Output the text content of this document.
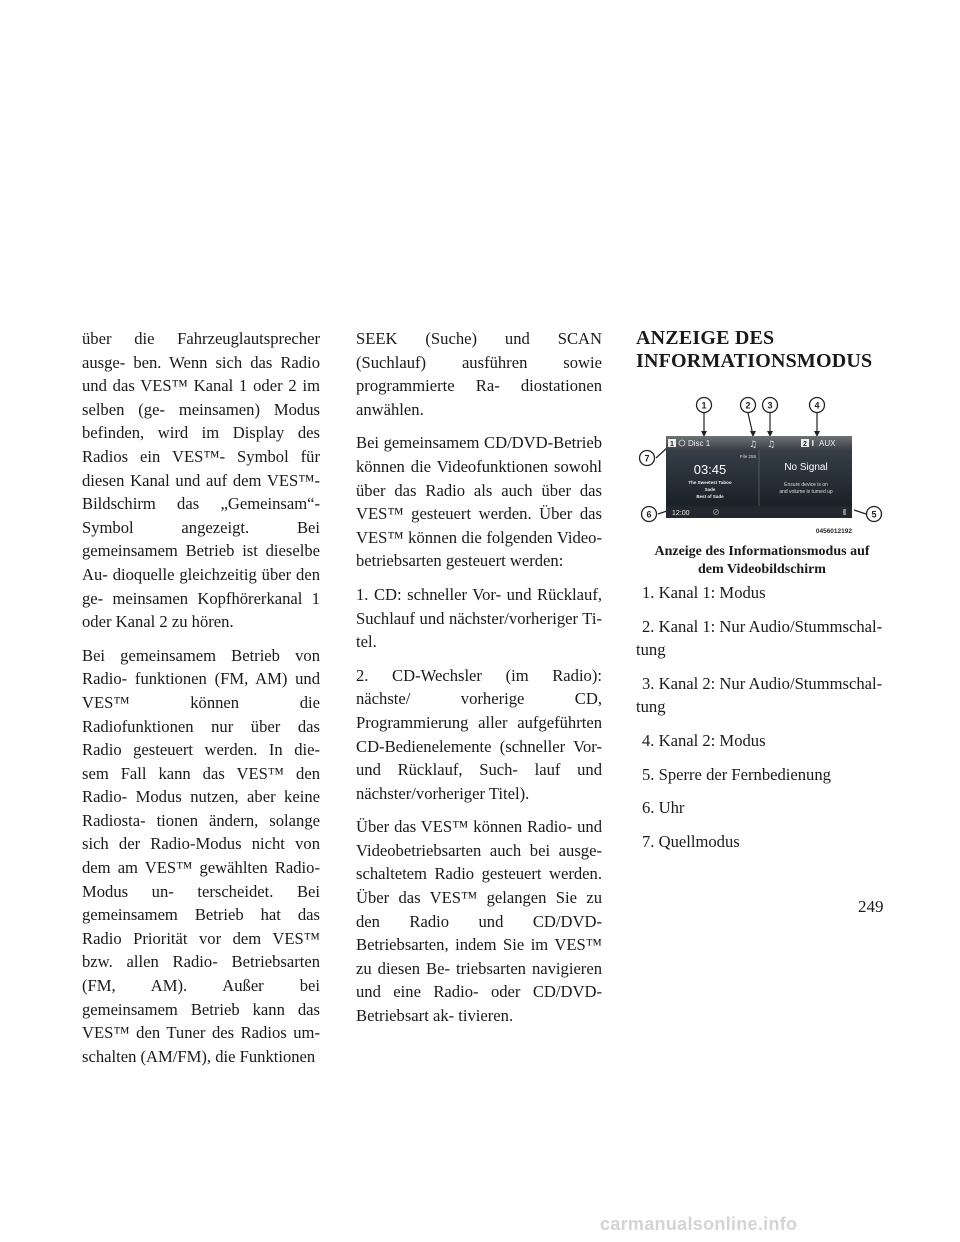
über die Fahrzeuglautsprecher ausge- ben. Wenn sich das Radio und das VES™ Kanal 1 oder 2 im selben (ge- meinsamen) Modus befinden, wird im Display des Radios ein VES™- Symbol für diesen Kanal und auf dem VES™-Bildschirm das „Gemeinsam“-Symbol angezeigt. Bei gemeinsamem Betrieb ist dieselbe Au- dioquelle gleichzeitig über den ge- meinsamen Kopfhörerkanal 1 oder Kanal 2 zu hören.

Bei gemeinsamem Betrieb von Radio- funktionen (FM, AM) und VES™ können die Radiofunktionen nur über das Radio gesteuert werden. In die- sem Fall kann das VES™ den Radio- Modus nutzen, aber keine Radiosta- tionen ändern, solange sich der Radio-Modus nicht von dem am VES™ gewählten Radio-Modus un- terscheidet. Bei gemeinsamem Betrieb hat das Radio Priorität vor dem VES™ bzw. allen Radio- Betriebsarten (FM, AM). Außer bei gemeinsamem Betrieb kann das VES™ den Tuner des Radios um- schalten (AM/FM), die Funktionen

SEEK (Suche) und SCAN (Suchlauf) ausführen sowie programmierte Ra- diostationen anwählen.

Bei gemeinsamem CD/DVD-Betrieb können die Videofunktionen sowohl über das Radio als auch über das VES™ gesteuert werden. Über das VES™ können die folgenden Video- betriebsarten gesteuert werden:

1. CD: schneller Vor- und Rücklauf, Suchlauf und nächster/vorheriger Ti- tel.

2. CD-Wechsler (im Radio): nächste/ vorherige CD, Programmierung aller aufgeführten CD-Bedienelemente (schneller Vor- und Rücklauf, Such- lauf und nächster/vorheriger Titel).

Über das VES™ können Radio- und Videobetriebsarten auch bei ausge- schaltetem Radio gesteuert werden. Über das VES™ gelangen Sie zu den Radio und CD/DVD-Betriebsarten, indem Sie im VES™ zu diesen Be- triebsarten navigieren und eine Radio- oder CD/DVD-Betriebsart ak- tivieren.

ANZEIGE DES
INFORMATIONSMODUS
1 Disc 1	♫ ♫	2 AUX
File 255
03:45
The Sweetest Taboo
Sade
Best of Sade
No Signal
Ensure device is on
and volume is turned up
12:00
1	2 3	4
5
6
7
0456012192
Anzeige des Informationsmodus auf
dem Videobildschirm
1. Kanal 1: Modus
2. Kanal 1: Nur Audio/Stummschal- tung
3. Kanal 2: Nur Audio/Stummschal- tung
4. Kanal 2: Modus
5. Sperre der Fernbedienung
6. Uhr
7. Quellmodus
249
carmanualsonline.info
